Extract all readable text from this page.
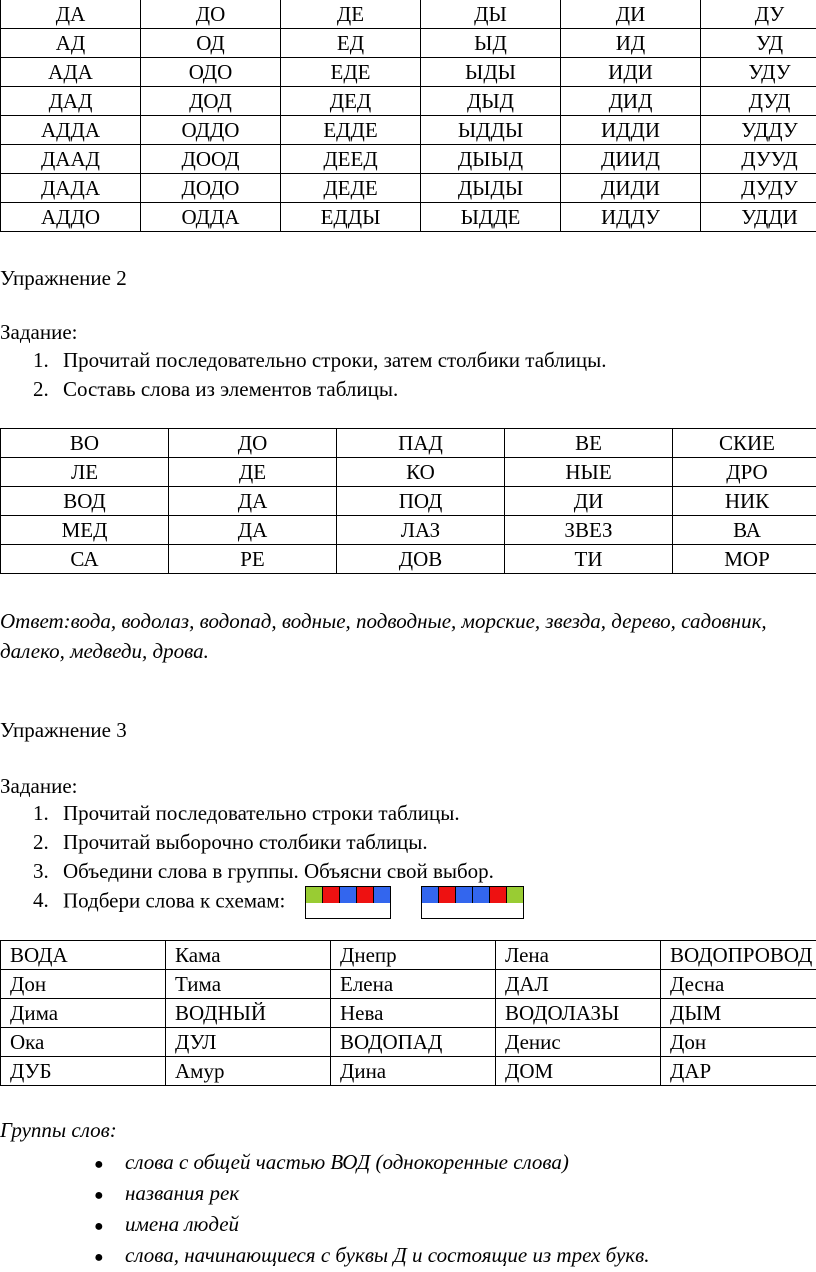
ДА	ДО	ДЕ	ДЫ	ДИ	ДУ
АД	ОД	ЕД	ЫД	ИД	УД
АДА	ОДО	ЕДЕ	ЫДЫ	ИДИ	УДУ
ДАД	ДОД	ДЕД	ДЫД	ДИД	ДУД
АДДА	ОДДО	ЕДДЕ	ЫДДЫ	ИДДИ	УДДУ
ДААД	ДООД	ДЕЕД	ДЫЫД	ДИИД	ДУУД
ДАДА	ДОДО	ДЕДЕ	ДЫДЫ	ДИДИ	ДУДУ
АДДО	ОДДА	ЕДДЫ	ЫДДЕ	ИДДУ	УДДИ
Упражнение 2
Задание:
1. Прочитай последовательно строки, затем столбики таблицы.
2. Составь слова из элементов таблицы.
ВО	ДО	ПАД	ВЕ	СКИЕ
ЛЕ	ДЕ	КО	НЫЕ	ДРО
ВОД	ДА	ПОД	ДИ	НИК
МЕД	ДА	ЛАЗ	ЗВЕЗ	ВА
СА	РЕ	ДОВ	ТИ	МОР
Ответ:вода, водолаз, водопад, водные, подводные, морские, звезда, дерево, садовник, далеко, медведи, дрова.
Упражнение 3
Задание:
1. Прочитай последовательно строки таблицы.
2. Прочитай выборочно столбики таблицы.
3. Объедини слова в группы. Объясни свой выбор.
4. Подбери слова к схемам:
ВОДА	Кама	Днепр	Лена	ВОДОПРОВОД
Дон	Тима	Елена	ДАЛ	Десна
Дима	ВОДНЫЙ	Нева	ВОДОЛАЗЫ	ДЫМ
Ока	ДУЛ	ВОДОПАД	Денис	Дон
ДУБ	Амур	Дина	ДОМ	ДАР
Группы слов:
● слова с общей частью ВОД (однокоренные слова)
● названия рек
● имена людей
● слова, начинающиеся с буквы Д и состоящие из трех букв.
